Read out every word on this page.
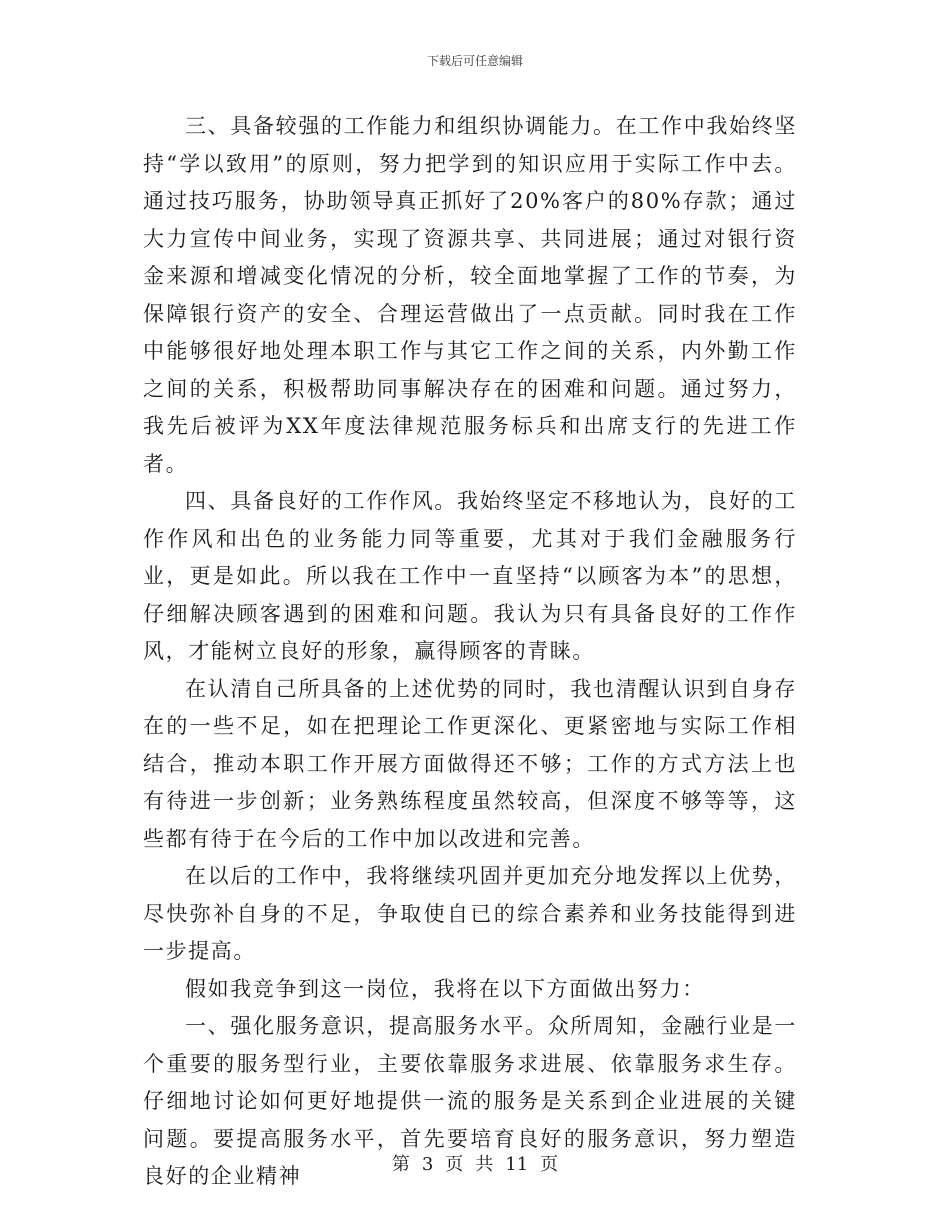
下载后可任意编辑

三、具备较强的工作能力和组织协调能力。在工作中我始终坚持“学以致用”的原则，努力把学到的知识应用于实际工作中去。通过技巧服务，协助领导真正抓好了20%客户的80%存款；通过大力宣传中间业务，实现了资源共享、共同进展；通过对银行资金来源和增减变化情况的分析，较全面地掌握了工作的节奏，为保障银行资产的安全、合理运营做出了一点贡献。同时我在工作中能够很好地处理本职工作与其它工作之间的关系，内外勤工作之间的关系，积极帮助同事解决存在的困难和问题。通过努力，我先后被评为XX年度法律规范服务标兵和出席支行的先进工作者。

四、具备良好的工作作风。我始终坚定不移地认为，良好的工作作风和出色的业务能力同等重要，尤其对于我们金融服务行业，更是如此。所以我在工作中一直坚持“以顾客为本”的思想，仔细解决顾客遇到的困难和问题。我认为只有具备良好的工作作风，才能树立良好的形象，赢得顾客的青睐。

在认清自己所具备的上述优势的同时，我也清醒认识到自身存在的一些不足，如在把理论工作更深化、更紧密地与实际工作相结合，推动本职工作开展方面做得还不够；工作的方式方法上也有待进一步创新；业务熟练程度虽然较高，但深度不够等等，这些都有待于在今后的工作中加以改进和完善。

在以后的工作中，我将继续巩固并更加充分地发挥以上优势，尽快弥补自身的不足，争取使自已的综合素养和业务技能得到进一步提高。

假如我竞争到这一岗位，我将在以下方面做出努力：

一、强化服务意识，提高服务水平。众所周知，金融行业是一个重要的服务型行业，主要依靠服务求进展、依靠服务求生存。仔细地讨论如何更好地提供一流的服务是关系到企业进展的关键问题。要提高服务水平，首先要培育良好的服务意识，努力塑造良好的企业精神	第 3 页 共 11 页
